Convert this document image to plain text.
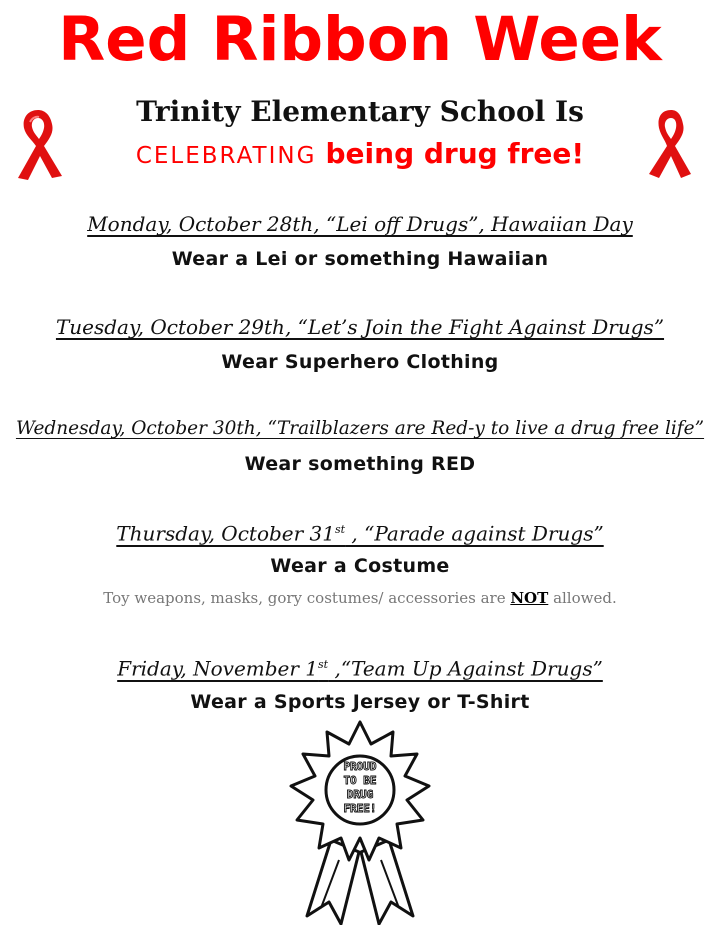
Red Ribbon Week
Trinity Elementary School Is
CELEBRATING being drug free!
Monday, October 28th, “Lei off Drugs”, Hawaiian Day
Wear a Lei or something Hawaiian
Tuesday, October 29th, “Let’s Join the Fight Against Drugs”
Wear Superhero Clothing
Wednesday, October 30th, “Trailblazers are Red-y to live a drug free life”
Wear something RED
Thursday, October 31st , “Parade against Drugs”
Wear a Costume
Toy weapons, masks, gory costumes/ accessories are NOT allowed.
Friday, November 1st ,“Team Up Against Drugs”
Wear a Sports Jersey or T-Shirt
PROUD
TO BE
DRUG
FREE!
